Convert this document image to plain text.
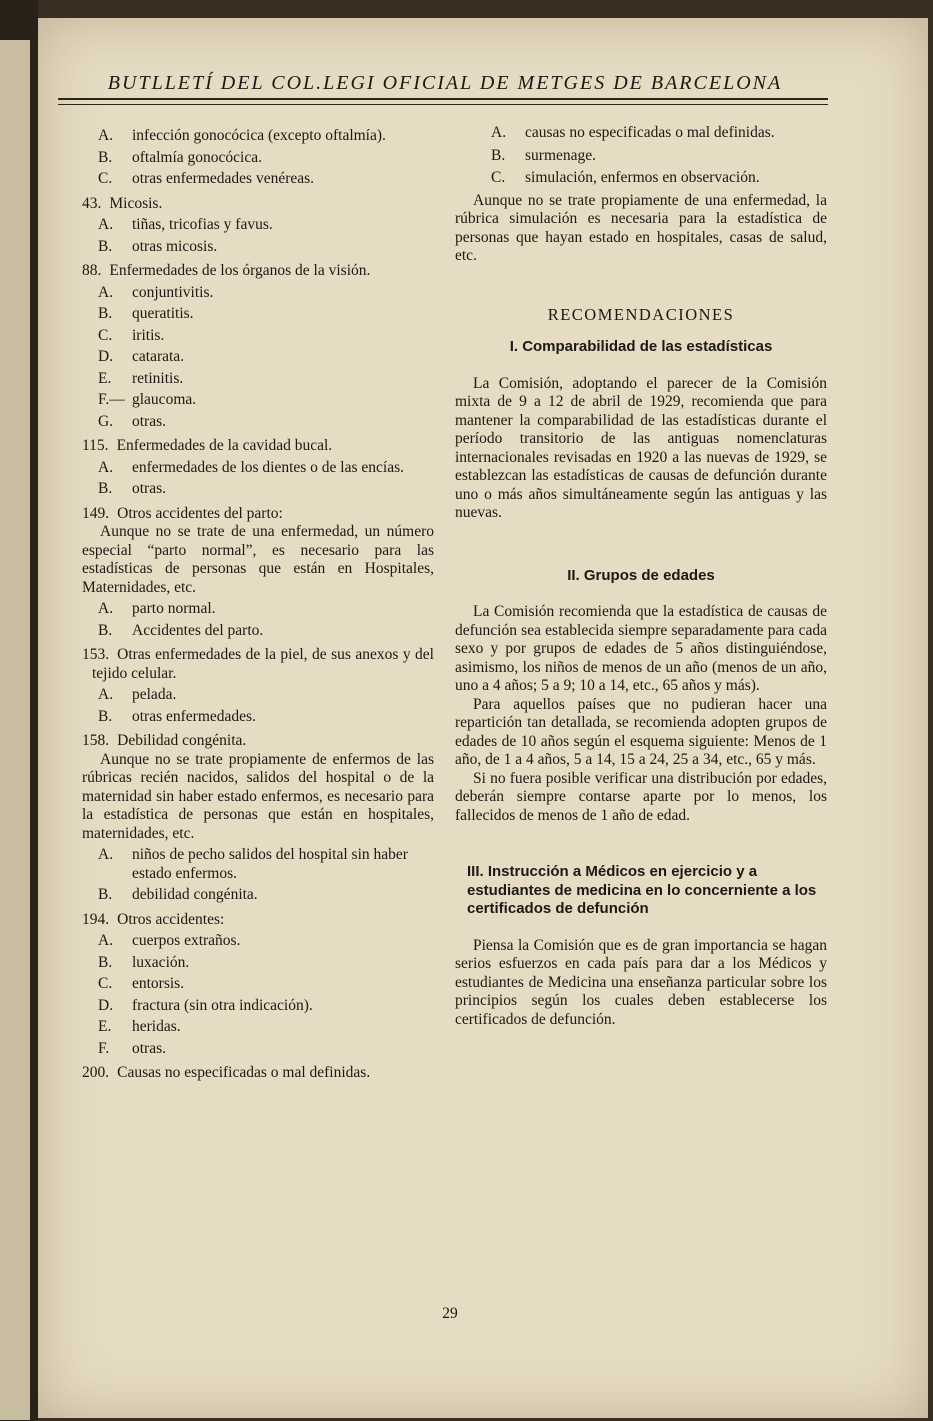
BUTLLETÍ DEL COL.LEGI OFICIAL DE METGES DE BARCELONA
A. infección gonocócica (excepto oftalmía).
B. oftalmía gonocócica.
C. otras enfermedades venéreas.
43. Micosis.
A. tiñas, tricofias y favus.
B. otras micosis.
88. Enfermedades de los órganos de la visión.
A. conjuntivitis.
B. queratitis.
C. iritis.
D. catarata.
E. retinitis.
F.— glaucoma.
G. otras.
115. Enfermedades de la cavidad bucal.
A. enfermedades de los dientes o de las encías.
B. otras.
149. Otros accidentes del parto:
Aunque no se trate de una enfermedad, un número especial “parto normal”, es necesario para las estadísticas de personas que están en Hospitales, Maternidades, etc.
A. parto normal.
B. Accidentes del parto.
153. Otras enfermedades de la piel, de sus anexos y del tejido celular.
A. pelada.
B. otras enfermedades.
158. Debilidad congénita.
Aunque no se trate propiamente de enfermos de las rúbricas recién nacidos, salidos del hospital o de la maternidad sin haber estado enfermos, es necesario para la estadística de personas que están en hospitales, maternidades, etc.
A. niños de pecho salidos del hospital sin haber estado enfermos.
B. debilidad congénita.
194. Otros accidentes:
A. cuerpos extraños.
B. luxación.
C. entorsis.
D. fractura (sin otra indicación).
E. heridas.
F. otras.
200. Causas no especificadas o mal definidas.
A. causas no especificadas o mal definidas.
B. surmenage.
C. simulación, enfermos en observación.
Aunque no se trate propiamente de una enfermedad, la rúbrica simulación es necesaria para la estadística de personas que hayan estado en hospitales, casas de salud, etc.
RECOMENDACIONES
I. Comparabilidad de las estadísticas
La Comisión, adoptando el parecer de la Comisión mixta de 9 a 12 de abril de 1929, recomienda que para mantener la comparabilidad de las estadísticas durante el período transitorio de las antiguas nomenclaturas internacionales revisadas en 1920 a las nuevas de 1929, se establezcan las estadísticas de causas de defunción durante uno o más años simultáneamente según las antiguas y las nuevas.
II. Grupos de edades
La Comisión recomienda que la estadística de causas de defunción sea establecida siempre separadamente para cada sexo y por grupos de edades de 5 años distinguiéndose, asimismo, los niños de menos de un año (menos de un año, uno a 4 años; 5 a 9; 10 a 14, etc., 65 años y más).
Para aquellos países que no pudieran hacer una repartición tan detallada, se recomienda adopten grupos de edades de 10 años según el esquema siguiente: Menos de 1 año, de 1 a 4 años, 5 a 14, 15 a 24, 25 a 34, etc., 65 y más.
Si no fuera posible verificar una distribución por edades, deberán siempre contarse aparte por lo menos, los fallecidos de menos de 1 año de edad.
III. Instrucción a Médicos en ejercicio y a estudiantes de medicina en lo concerniente a los certificados de defunción
Piensa la Comisión que es de gran importancia se hagan serios esfuerzos en cada país para dar a los Médicos y estudiantes de Medicina una enseñanza particular sobre los principios según los cuales deben establecerse los certificados de defunción.
29
